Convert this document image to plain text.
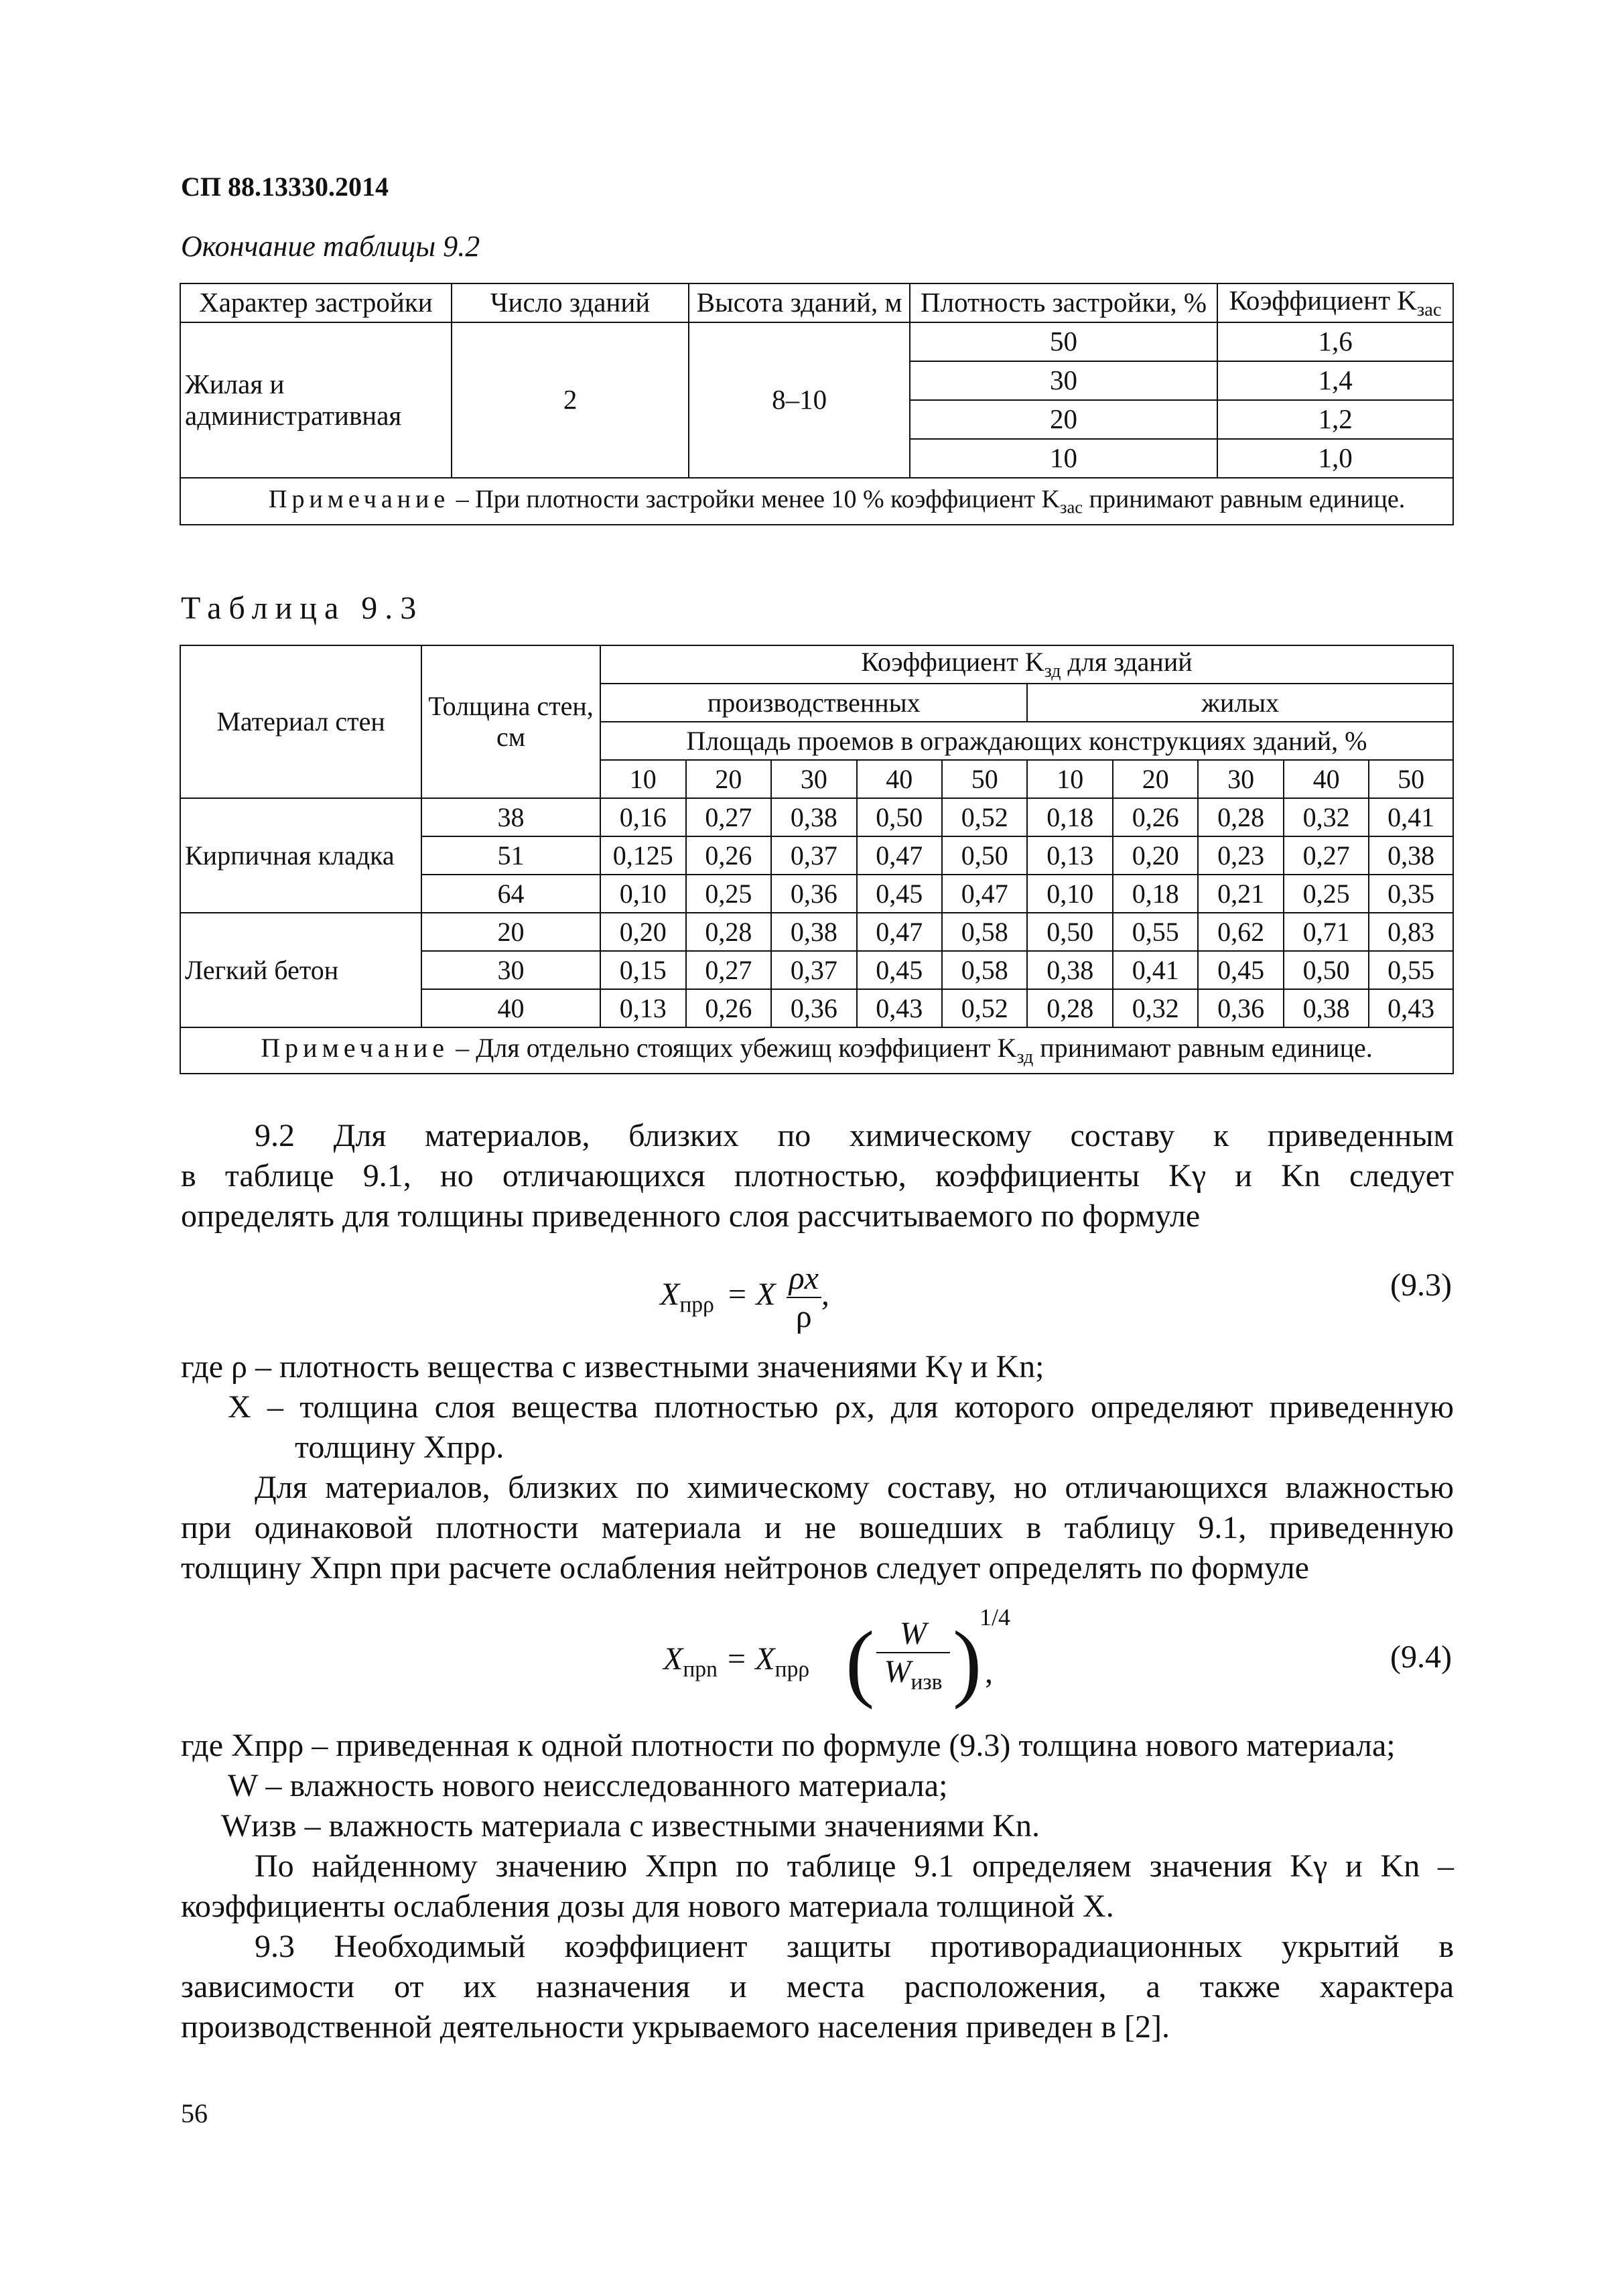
СП 88.13330.2014
Окончание таблицы 9.2
Характер застройки	Число зданий	Высота зданий, м	Плотность застройки, %	Коэффициент $K_{зас}$
Жилая и административная	2	8–10	50	1,6
			30	1,4
			20	1,2
			10	1,0
Примечание – При плотности застройки менее 10 % коэффициент $K_{зас}$ принимают равным единице.				
Таблица 9.3
Материал стен	Толщина стен, см	Коэффициент $K_{зд}$ для зданий									
		производственных					жилых				
		Площадь проемов в ограждающих конструкциях зданий, %									
		10	20	30	40	50	10	20	30	40	50
Кирпичная кладка	38	0,16	0,27	0,38	0,50	0,52	0,18	0,26	0,28	0,32	0,41
	51	0,125	0,26	0,37	0,47	0,50	0,13	0,20	0,23	0,27	0,38
	64	0,10	0,25	0,36	0,45	0,47	0,10	0,18	0,21	0,25	0,35
Легкий бетон	20	0,20	0,28	0,38	0,47	0,58	0,50	0,55	0,62	0,71	0,83
	30	0,15	0,27	0,37	0,45	0,58	0,38	0,41	0,45	0,50	0,55
	40	0,13	0,26	0,36	0,43	0,52	0,28	0,32	0,36	0,38	0,43
Примечание – Для отдельно стоящих убежищ коэффициент $K_{зд}$ принимают равным единице.											
9.2 Для материалов, близких по химическому составу к приведенным
в таблице 9.1, но отличающихся плотностью, коэффициенты Kγ и Kn следует
определять для толщины приведенного слоя рассчитываемого по формуле
$X_{пр\rho} = X \frac{\rho x}{\rho}$ ,	(9.3)
где ρ – плотность вещества с известными значениями Kγ и Kn;
X – толщина слоя вещества плотностью ρx, для которого определяют приведенную
толщину Xпрρ.
Для материалов, близких по химическому составу, но отличающихся влажностью
при одинаковой плотности материала и не вошедших в таблицу 9.1, приведенную
толщину Xпрn при расчете ослабления нейтронов следует определять по формуле
$X_{прn} = X_{пр\rho}$ ( W
$W_{изв}$ )
1/4
,	(9.4)
где Xпрρ – приведенная к одной плотности по формуле (9.3) толщина нового материала;
W – влажность нового неисследованного материала;
Wизв – влажность материала с известными значениями Kn.
По найденному значению Xпрn по таблице 9.1 определяем значения Kγ и Kn –
коэффициенты ослабления дозы для нового материала толщиной X.
9.3 Необходимый коэффициент защиты противорадиационных укрытий в
зависимости от их назначения и места расположения, а также характера
производственной деятельности укрываемого населения приведен в [2].
56
